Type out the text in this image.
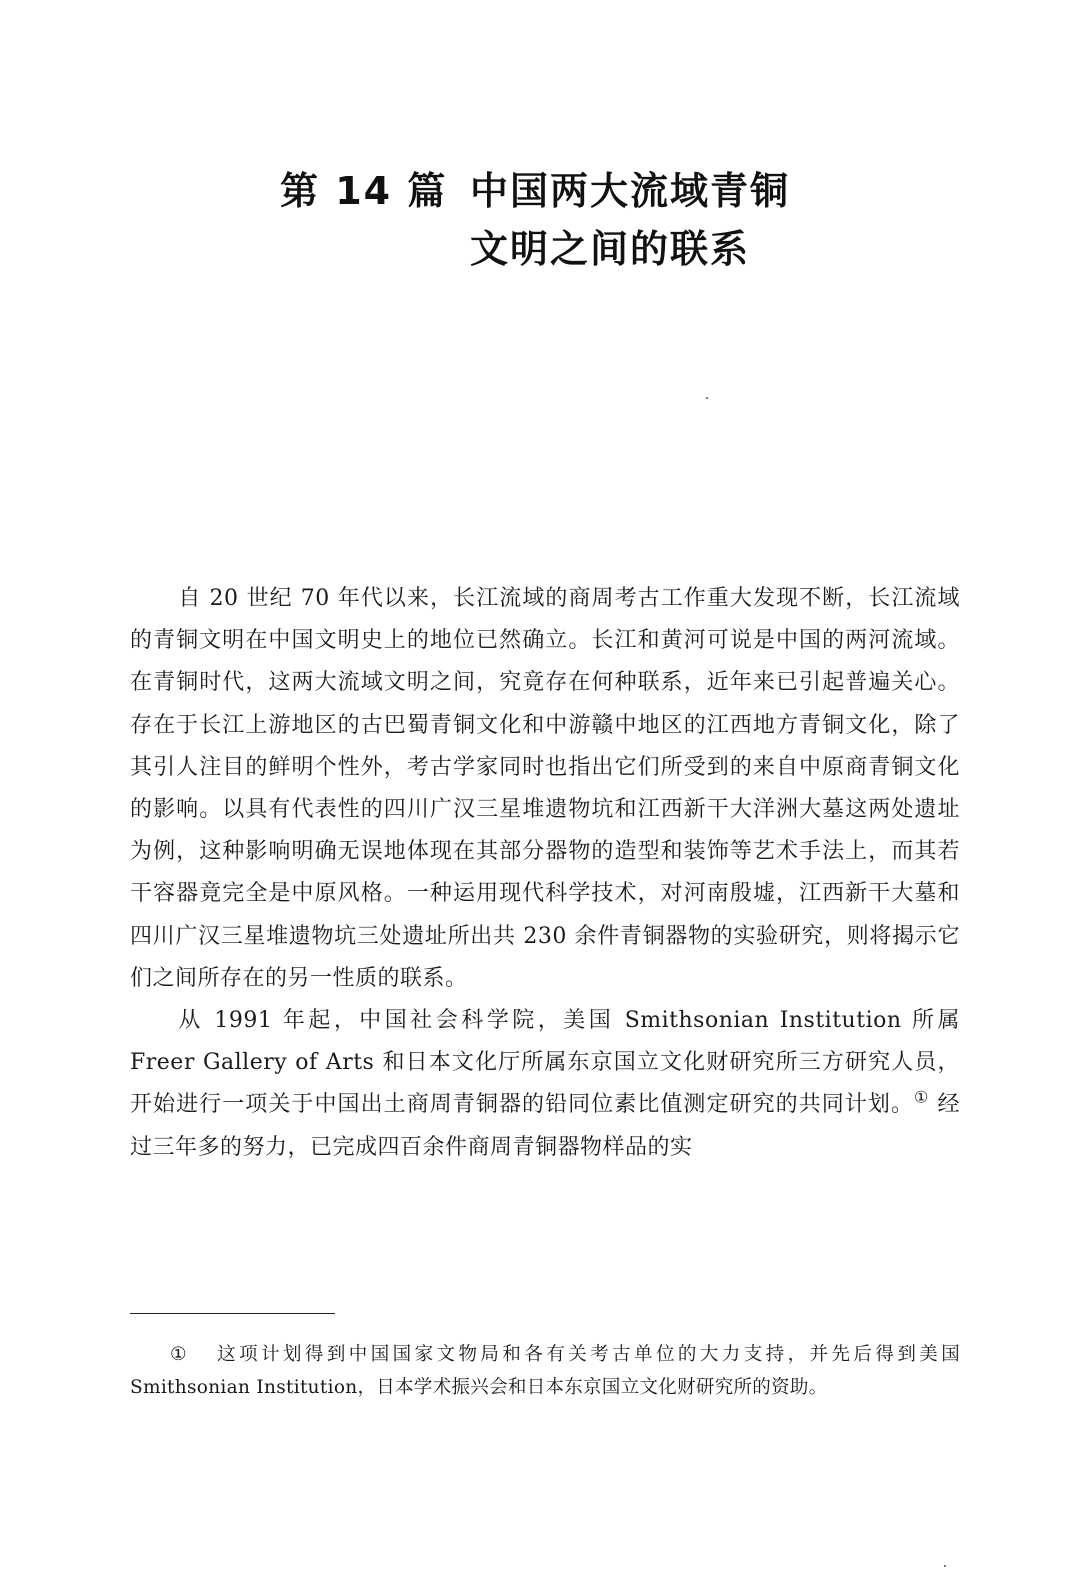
第 14 篇 中国两大流域青铜
文明之间的联系

自 20 世纪 70 年代以来，长江流域的商周考古工作重大发现不断，长江流域的青铜文明在中国文明史上的地位已然确立。长江和黄河可说是中国的两河流域。在青铜时代，这两大流域文明之间，究竟存在何种联系，近年来已引起普遍关心。存在于长江上游地区的古巴蜀青铜文化和中游赣中地区的江西地方青铜文化，除了其引人注目的鲜明个性外，考古学家同时也指出它们所受到的来自中原商青铜文化的影响。以具有代表性的四川广汉三星堆遗物坑和江西新干大洋洲大墓这两处遗址为例，这种影响明确无误地体现在其部分器物的造型和装饰等艺术手法上，而其若干容器竟完全是中原风格。一种运用现代科学技术，对河南殷墟，江西新干大墓和四川广汉三星堆遗物坑三处遗址所出共 230 余件青铜器物的实验研究，则将揭示它们之间所存在的另一性质的联系。

从 1991 年起，中国社会科学院，美国 Smithsonian Institution 所属 Freer Gallery of Arts 和日本文化厅所属东京国立文化财研究所三方研究人员，开始进行一项关于中国出土商周青铜器的铅同位素比值测定研究的共同计划。① 经过三年多的努力，已完成四百余件商周青铜器物样品的实

① 这项计划得到中国国家文物局和各有关考古单位的大力支持，并先后得到美国 Smithsonian Institution，日本学术振兴会和日本东京国立文化财研究所的资助。
